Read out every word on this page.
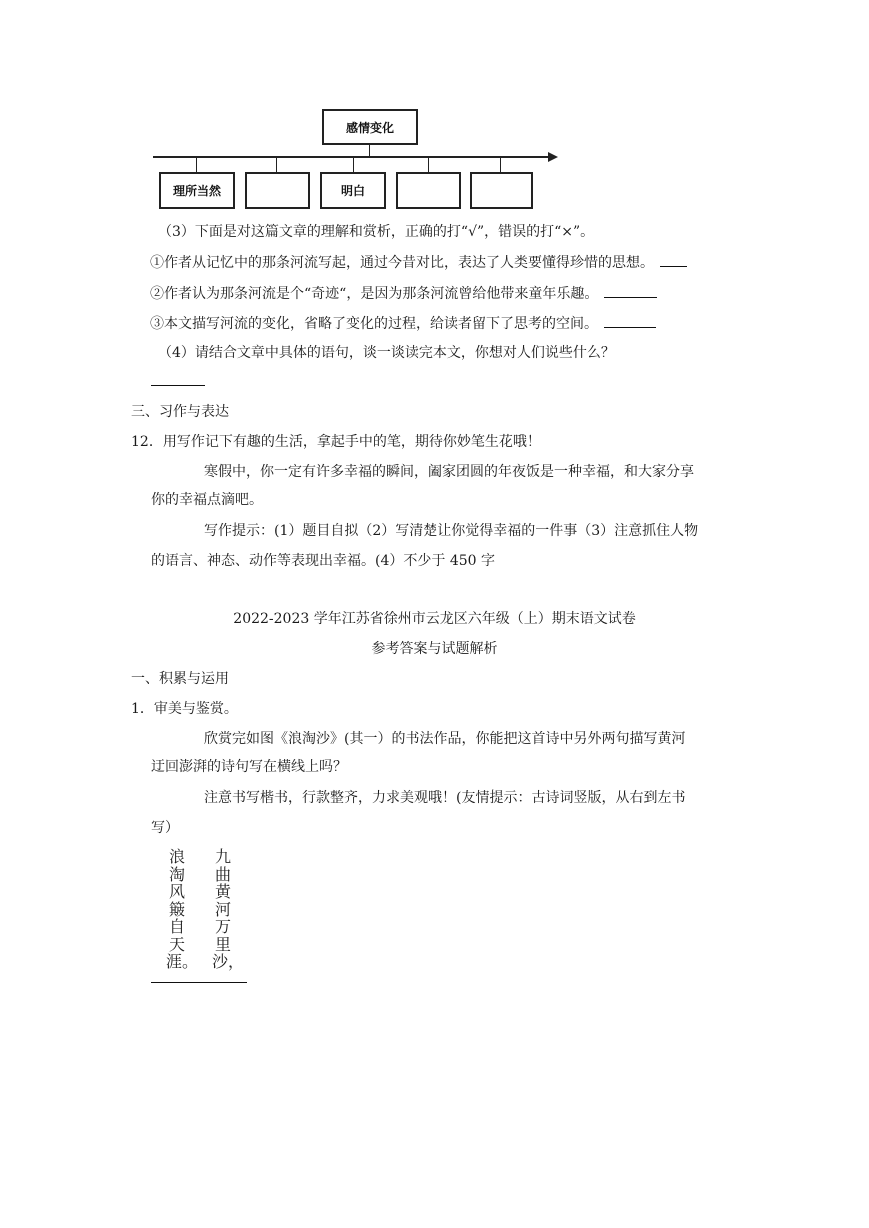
感情变化
理所当然	明白
（3）下面是对这篇文章的理解和赏析，正确的打“√”，错误的打“×”。
①作者从记忆中的那条河流写起，通过今昔对比，表达了人类要懂得珍惜的思想。
②作者认为那条河流是个“奇迹“，是因为那条河流曾给他带来童年乐趣。
③本文描写河流的变化，省略了变化的过程，给读者留下了思考的空间。
（4）请结合文章中具体的语句，谈一谈读完本文，你想对人们说些什么？
三、习作与表达
12．用写作记下有趣的生活，拿起手中的笔，期待你妙笔生花哦！
寒假中，你一定有许多幸福的瞬间，阖家团圆的年夜饭是一种幸福，和大家分享
你的幸福点滴吧。
写作提示：(1）题目自拟（2）写清楚让你觉得幸福的一件事（3）注意抓住人物
的语言、神态、动作等表现出幸福。(4）不少于 450 字
2022-2023 学年江苏省徐州市云龙区六年级（上）期末语文试卷
参考答案与试题解析
一、积累与运用
1．审美与鉴赏。
欣赏完如图《浪淘沙》(其一）的书法作品，你能把这首诗中另外两句描写黄河
迂回澎湃的诗句写在横线上吗？
注意书写楷书，行款整齐，力求美观哦！(友情提示：古诗词竖版，从右到左书
写）
九曲黄河万里沙，
浪淘风簸自天涯。
